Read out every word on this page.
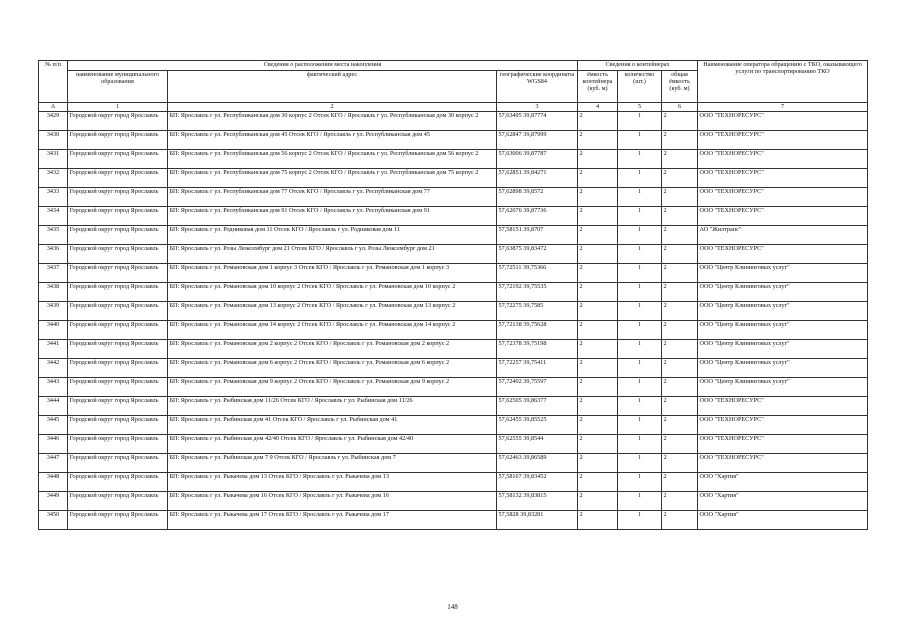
№ п/п	Сведения о расположении места накопления			Сведения о контейнерах			Наименование оператора обращению с ТКО, оказывающего услуги по транспортированию ТКО
	наименование муниципального образования	фактический адрес	географические координаты WGS84	ёмкость контейнера (куб. м)	количество (шт.)	общая ёмкость (куб. м)	
А	1	2	3	4	5	6	7
3429	Городской округ город Ярославль	БП: Ярославль г ул. Республиканская дом 30 корпус 2 Отсек КГО / Ярославль г ул. Республиканская дом 30 корпус 2	57,63495 39,87774	2	1	2	ООО "ТЕХНОРЕСУРС"
3430	Городской округ город Ярославль	БП: Ярославль г ул. Республиканская дом 45 Отсек КГО / Ярославль г ул. Республиканская дом 45	57,62847 39,87999	2	1	2	ООО "ТЕХНОРЕСУРС"
3431	Городской округ город Ярославль	БП: Ярославль г ул. Республиканская дом 56 корпус 2 Отсек КГО / Ярославль г ул. Республиканская дом 56 корпус 2	57,63006 39,87787	2	1	2	ООО "ТЕХНОРЕСУРС"
3432	Городской округ город Ярославль	БП: Ярославль г ул. Республиканская дом 75 корпус 2 Отсек КГО / Ярославль г ул. Республиканская дом 75 корпус 2	57,62851 39,84271	2	1	2	ООО "ТЕХНОРЕСУРС"
3433	Городской округ город Ярославль	БП: Ярославль г ул. Республиканская дом 77 Отсек КГО / Ярославль г ул. Республиканская дом 77	57,62898 39,8572	2	1	2	ООО "ТЕХНОРЕСУРС"
3434	Городской округ город Ярославль	БП: Ярославль г ул. Республиканская дом 91 Отсек КГО / Ярославль г ул. Республиканская дом 91	57,62076 39,87736	2	1	2	ООО "ТЕХНОРЕСУРС"
3435	Городской округ город Ярославль	БП: Ярославль г ул. Родниковая дом 11 Отсек КГО / Ярославль г ул. Родниковая дом 11	57,58151 39,8707	2	1	2	АО "Жилтранс"
3436	Городской округ город Ярославль	БП: Ярославль г ул. Розы Люксембург дом 21 Отсек КГО / Ярославль г ул. Розы Люксембург дом 21	57,63875 39,83472	2	1	2	ООО "ТЕХНОРЕСУРС"
3437	Городской округ город Ярославль	БП: Ярославль г ул. Романовская дом 1 корпус 3 Отсек КГО / Ярославль г ул. Романовская дом 1 корпус 3	57,72511 39,75366	2	1	2	ООО "Центр Клининговых услуг"
3438	Городской округ город Ярославль	БП: Ярославль г ул. Романовская дом 10 корпус 2 Отсек КГО / Ярославль г ул. Романовская дом 10 корпус 2	57,72192 39,75535	2	1	2	ООО "Центр Клининговых услуг"
3439	Городской округ город Ярославль	БП: Ярославль г ул. Романовская дом 13 корпус 2 Отсек КГО / Ярославль г ул. Романовская дом 13 корпус 2	57,72275 39,7585	2	1	2	ООО "Центр Клининговых услуг"
3440	Городской округ город Ярославль	БП: Ярославль г ул. Романовская дом 14 корпус 2 Отсек КГО / Ярославль г ул. Романовская дом 14 корпус 2	57,72138 39,75628	2	1	2	ООО "Центр Клининговых услуг"
3441	Городской округ город Ярославль	БП: Ярославль г ул. Романовская дом 2 корпус 2 Отсек КГО / Ярославль г ул. Романовская дом 2 корпус 2	57,72378 39,75198	2	1	2	ООО "Центр Клининговых услуг"
3442	Городской округ город Ярославль	БП: Ярославль г ул. Романовская дом 6 корпус 2 Отсек КГО / Ярославль г ул. Романовская дом 6 корпус 2	57,72257 39,75411	2	1	2	ООО "Центр Клининговых услуг"
3443	Городской округ город Ярославль	БП: Ярославль г ул. Романовская дом 9 корпус 2 Отсек КГО / Ярославль г ул. Романовская дом 9 корпус 2	57,72402 39,75597	2	1	2	ООО "Центр Клининговых услуг"
3444	Городской округ город Ярославль	БП: Ярославль г ул. Рыбинская дом 11/26 Отсек КГО / Ярославль г ул. Рыбинская дом 11/26	57,62505 39,86377	2	1	2	ООО "ТЕХНОРЕСУРС"
3445	Городской округ город Ярославль	БП: Ярославль г ул. Рыбинская дом 41 Отсек КГО / Ярославль г ул. Рыбинская дом 41	57,62455 39,85525	2	1	2	ООО "ТЕХНОРЕСУРС"
3446	Городской округ город Ярославль	БП: Ярославль г ул. Рыбинская дом 42/40 Отсек КГО / Ярославль г ул. Рыбинская дом 42/40	57,62555 39,8544	2	1	2	ООО "ТЕХНОРЕСУРС"
3447	Городской округ город Ярославль	БП: Ярославль г ул. Рыбинская дом 7 9 Отсек КГО / Ярославль г ул. Рыбинская дом 7	57,62463 39,86589	2	1	2	ООО "ТЕХНОРЕСУРС"
3448	Городской округ город Ярославль	БП: Ярославль г ул. Рыкачева дом 13 Отсек КГО / Ярославль г ул. Рыкачева дом 13	57,58167 39,83452	2	1	2	ООО "Хартия"
3449	Городской округ город Ярославль	БП: Ярославль г ул. Рыкачева дом 16 Отсек КГО / Ярославль г ул. Рыкачева дом 16	57,58132 39,83815	2	1	2	ООО "Хартия"
3450	Городской округ город Ярославль	БП: Ярославль г ул. Рыкачева дом 17 Отсек КГО / Ярославль г ул. Рыкачева дом 17	57,5828 39,83281	2	1	2	ООО "Хартия"
148
